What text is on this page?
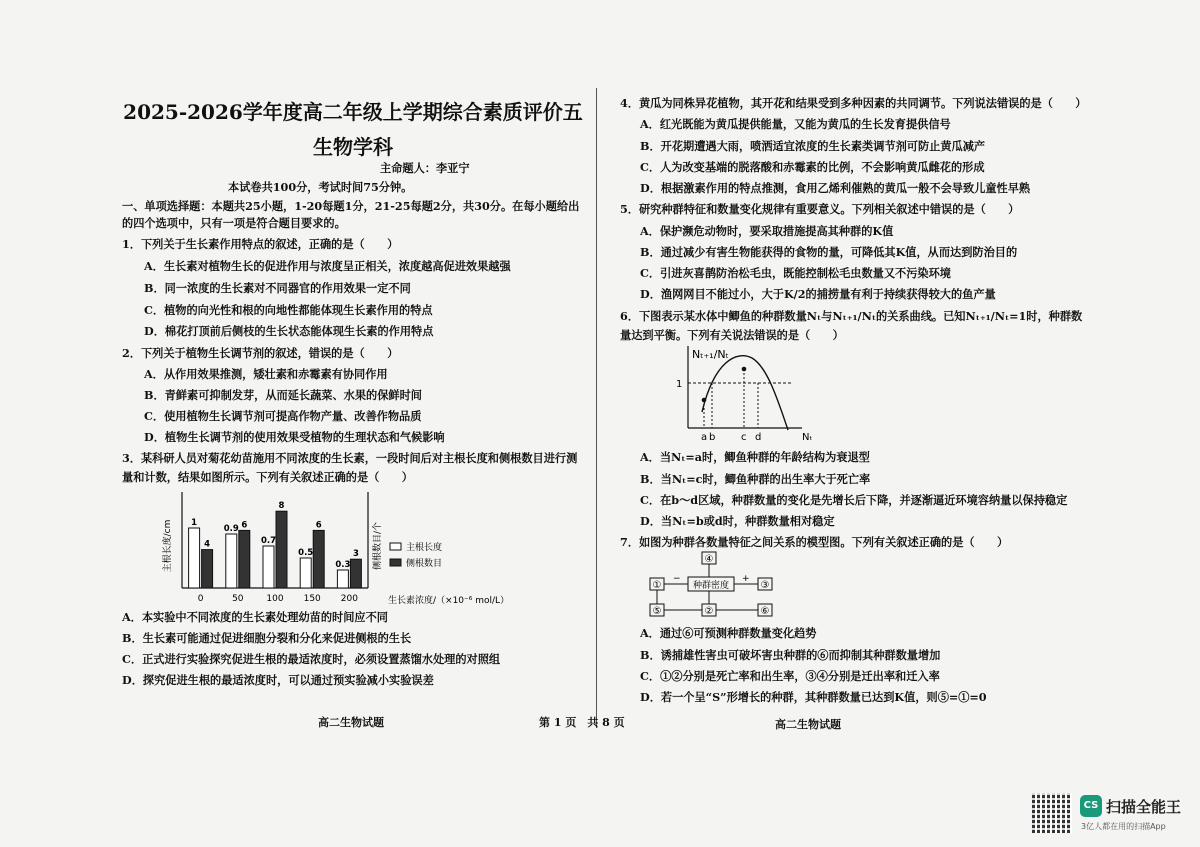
2025-2026学年度高二年级上学期综合素质评价五
生物学科
主命题人：李亚宁
本试卷共100分，考试时间75分钟。
一、单项选择题：本题共25小题，1-20每题1分，21-25每题2分，共30分。在每小题给出
的四个选项中，只有一项是符合题目要求的。
1．下列关于生长素作用特点的叙述，正确的是（　　）
A．生长素对植物生长的促进作用与浓度呈正相关，浓度越高促进效果越强
B．同一浓度的生长素对不同器官的作用效果一定不同
C．植物的向光性和根的向地性都能体现生长素作用的特点
D．棉花打顶前后侧枝的生长状态能体现生长素的作用特点
2．下列关于植物生长调节剂的叙述，错误的是（　　）
A．从作用效果推测，矮壮素和赤霉素有协同作用
B．青鲜素可抑制发芽，从而延长蔬菜、水果的保鲜时间
C．使用植物生长调节剂可提高作物产量、改善作物品质
D．植物生长调节剂的使用效果受植物的生理状态和气候影响
3．某科研人员对菊花幼苗施用不同浓度的生长素，一段时间后对主根长度和侧根数目进行测
量和计数，结果如图所示。下列有关叙述正确的是（　　）
1
4
0
0.9 6
50
0.7
8
100
0.5
6
150
0.3
3
200
主根长度/cm	侧根数目/个
生长素浓度/（×10⁻⁶ mol/L）
主根长度
侧根数目
A．本实验中不同浓度的生长素处理幼苗的时间应不同
B．生长素可能通过促进细胞分裂和分化来促进侧根的生长
C．正式进行实验探究促进生根的最适浓度时，必须设置蒸馏水处理的对照组
D．探究促进生根的最适浓度时，可以通过预实验减小实验误差
4．黄瓜为同株异花植物，其开花和结果受到多种因素的共同调节。下列说法错误的是（　　）
A．红光既能为黄瓜提供能量，又能为黄瓜的生长发育提供信号
B．开花期遭遇大雨，喷洒适宜浓度的生长素类调节剂可防止黄瓜减产
C．人为改变基端的脱落酸和赤霉素的比例，不会影响黄瓜雌花的形成
D．根据激素作用的特点推测，食用乙烯利催熟的黄瓜一般不会导致儿童性早熟
5．研究种群特征和数量变化规律有重要意义。下列相关叙述中错误的是（　　）
A．保护濒危动物时，要采取措施提高其种群的K值
B．通过减少有害生物能获得的食物的量，可降低其K值，从而达到防治目的
C．引进灰喜鹊防治松毛虫，既能控制松毛虫数量又不污染环境
D．渔网网目不能过小，大于K/2的捕捞量有利于持续获得较大的鱼产量
6．下图表示某水体中鲫鱼的种群数量Nₜ与Nₜ₊₁/Nₜ的关系曲线。已知Nₜ₊₁/Nₜ=1时，种群数
量达到平衡。下列有关说法错误的是（　　）
Nₜ₊₁/Nₜ
Nₜ
1
a b	c d
A．当Nₜ=a时，鲫鱼种群的年龄结构为衰退型
B．当Nₜ=c时，鲫鱼种群的出生率大于死亡率
C．在b～d区域，种群数量的变化是先增长后下降，并逐渐逼近环境容纳量以保持稳定
D．当Nₜ=b或d时，种群数量相对稳定
7．如图为种群各数量特征之间关系的模型图。下列有关叙述正确的是（　　）
④
种群密度
①	③
⑤	②	⑥
−	+
A．通过⑥可预测种群数量变化趋势
B．诱捕雄性害虫可破坏害虫种群的⑥而抑制其种群数量增加
C．①②分别是死亡率和出生率，③④分别是迁出率和迁入率
D．若一个呈“S”形增长的种群，其种群数量已达到K值，则⑤=①=0
高二生物试题	第 1 页　共 8 页	高二生物试题
CS 扫描全能王
3亿人都在用的扫描App
